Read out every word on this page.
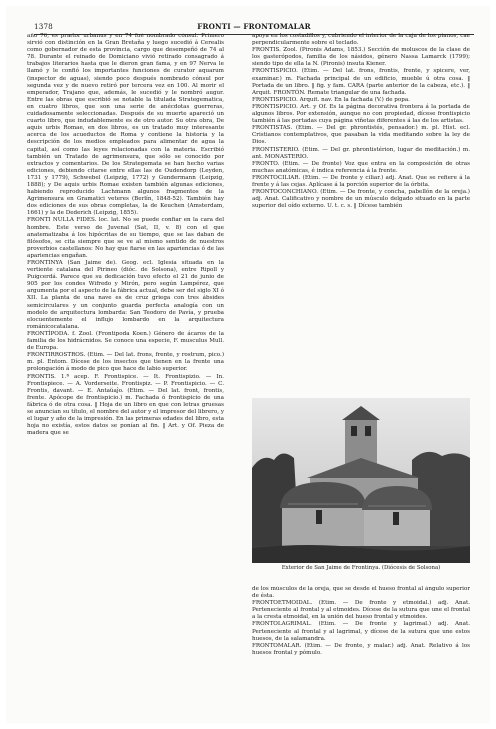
1378	FRONTI — FRONTOMALAR

año 76, es prætor urbanus y en 74 fué nombrado cónsul. Primero sirvió con distinción en la Gran Bretaña y luego sucedió á Cerealis como gobernador de esta provincia, cargo que desempeñó de 74 al 78. Durante el reinado de Domiciano vivió retirado consagrado á trabajos literarios hasta que le dieron gran fama, y en 97 Nerva le llamó y le confió los importantes funciones de curator aquarum (inspector de aguas), siendo poco después nombrado cónsul por segunda vez y de nuevo retiró por tercera vez en 100. Al morir el emperador, Trajano que, además, le sucedió y le nombró augur. Entre las obras que escribió se notable la titulada Strategematica, en cuatro libros, que son una serie de anécdotas guerreras, cuidadosamente seleccionadas. Después de su muerte apareció un cuarto libro, que indudablemente es de otro autor. Su otra obra, De aquis urbis Romae, en dos libros, es un tratado muy interesante acerca de los acueductos de Roma y contiene la historia y la descripción de los medios empleados para alimentar de agua la capital, así como las leyes relacionadas con la materia. Escribió también un Tratado de agrimensura, que sólo se conocido por extractos y comentarios. De los Strategemata se han hecho varias ediciones, debiendo citarse entre ellas las de Oudendorp (Leyden, 1731 y 1779), Schwebel (Leipzig, 1772) y Gundermann (Leipzig, 1888); y De aquis urbis Romae existen también algunas ediciones, habiendo reproducido Lachmann algunos fragmentos de la Agrimensura en Gramatici veteres (Berlín, 1848-52). También hay dos ediciones de sus obras completas, la de Keuchen (Amsterdam, 1661) y la de Dederich (Leipzig, 1855).

FRONTI NULLA FIDES. loc. lat. No se puede confiar en la cara del hombre. Este verso de Juvenal (Sat, II, v. 8) con el que anatematizaba á los hipócritas de su tiempo, que se las daban de filósofos, se cita siempre que se ve al mismo sentido de nuestros proverbios castellanos: No hay que fiarse en las apariencias ó de las apariencias engañan.

FRONTINYA (San Jaime de). Geog. ecl. Iglesia situada en la vertiente catalana del Pirineo (dióc. de Solsona), entre Ripoll y Puigcerdá. Parece que su dedicación tuvo efecto el 21 de junio de 905 por los condes Wifredo y Mirón, pero según Lampérez, que argumenta por el aspecto de la fábrica actual, debe ser del siglo XI ó XII. La planta de una nave es de cruz griega con tres ábsides semicirculares y un conjunto guarda perfecta analogía con un modelo de arquitectura lombarda: San Teodoro de Pavía, y prueba elocuentemente el influjo lombardo en la arquitectura románicocatalana.

FRONTÍPODA. f. Zool. (Frontipoda Koen.) Género de ácaros de la familia de los hidrácnidos. Se conoce una especie, F. musculus Mull. de Europa.

FRONTIRROSTROS. (Etim. — Del lat. frons, frente, y rostrum, pico.) m. pl. Entom. Dícese de los insectos que tienen en la frente una prolongación á modo de pico que hace de labio superior.

FRONTIS. 1.ª acep. F. Frontispice. — It. Frontispizio. — In. Frontispiece. — A. Vorderseite. Frontispiz. — P. Frontispicio. — C. Frontis, davant. — E. Antaŭaĵo. (Etim. — Del lat. front, frontis, frente. Apócope de frontispicio.) m. Fachada ó frontispicio de una fábrica ó de otra cosa. ‖ Hoja de un libro en que con letras gruesas se anuncian su título, el nombre del autor y el impresor del librero, y el lugar y año de la impresión. En las primeras edades del libro, esta hoja no existía, estos datos se ponían al fin. ‖ Art. y Of. Pieza de madera que se

apoya en los costadillos y, cubriendo el interior de la caja de los pianos, cae perpendicularmente sobre el teclado.

FRONTIS. Zool. (Pironis Adams, 1853.) Sección de moluscos de la clase de los gasterópodos, familia de los násidos, género Nassa Lamarck (1799); siendo tipo de ella la N. (Pironis) insuta Kiener.

FRONTISPICIO. (Etim. — Del lat. frons, frontis, frente, y spicere, ver, examinar.) m. Fachada principal de un edificio, mueble ú otra cosa. ‖ Portada de un libro. ‖ fig. y fam. CARA (parte anterior de la cabeza, etc.). ‖ Arquit. FRONTÓN. Remate triangular de una fachada.

FRONTISPICIO. Arquit. nav. En la fachada (V.) de popa.

FRONTISPICIO. Art. y Of. Es la página decorativa frontera á la portada de algunos libros. Por extensión, aunque no con propiedad, dícese frontispicio también á las portadas cuya página viñetas diferentes á las de los artistas.

FRONTISTAS. (Etim. — Del gr. phrontistés, pensador.) m. pl. Hist. ecl. Cristianos contemplativos, que pasaban la vida meditando sobre la ley de Dios.

FRONTISTERIO. (Etim. — Del gr. phrontistérion, lugar de meditación.) m. ant. MONASTERIO.

FRONTO. (Etim. — De fronte) Voz que entra en la composición de otras muchas anatómicas, é indica referencia á la frente.

FRONTOCILIAR. (Etim. — De fronte y ciliar.) adj. Anat. Que se refiere á la frente y á las cejas. Aplícase á la porción superior de la órbita.

FRONTOCONCHIANO. (Etim. — De fronte, y concha, pabellón de la oreja.) adj. Anat. Calificativo y nombre de un músculo delgado situado en la parte superior del oído externo. U. t. c. s. ‖ Dícese también

Exterior de San Jaime de Frontinya. (Diócesis de Solsona)

de los músculos de la oreja, que se desde el hueso frontal al ángulo superior de ésta.

FRONTOETMOIDAL. (Etim. — De fronte y etmoidal.) adj. Anat. Perteneciente al frontal y al etmoides. Dícese de la sutura que une el frontal a la cresta etmoidal, en la unión del hueso frontal y etmoides.

FRONTOLAGRIMAL. (Etim. — De fronte y lagrimal.) adj. Anat. Perteneciente al frontal y al lagrimal, y dícese de la sutura que une estos huesos, de la salamandra.

FRONTOMALAR. (Etim. — De fronte, y malar.) adj. Anat. Relativo á los huesos frontal y pómulo.
